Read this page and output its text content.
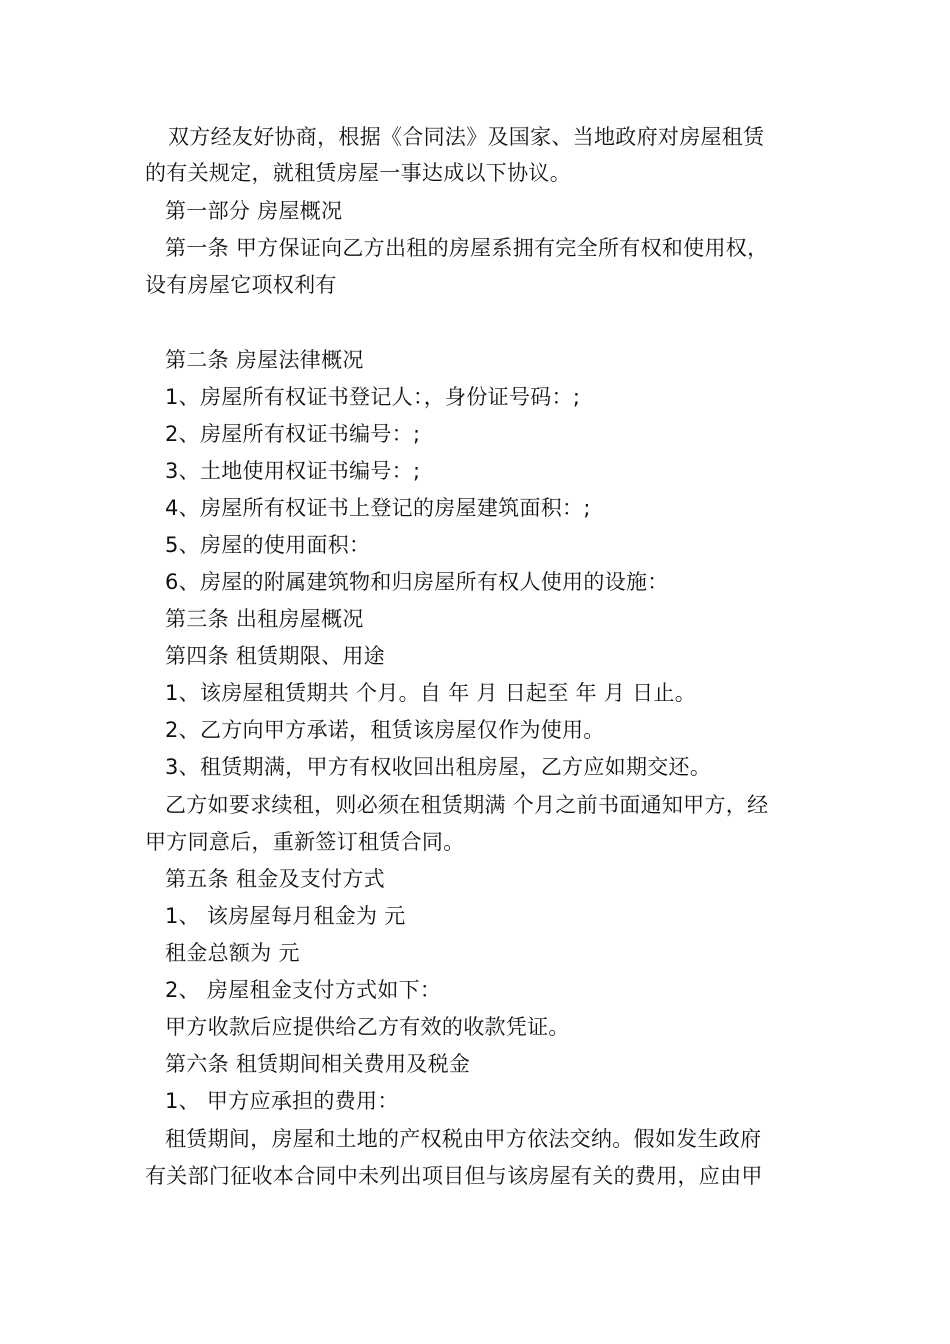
双方经友好协商，根据《合同法》及国家、当地政府对房屋租赁
的有关规定，就租赁房屋一事达成以下协议。
第一部分 房屋概况
第一条 甲方保证向乙方出租的房屋系拥有完全所有权和使用权，
设有房屋它项权利有
第二条 房屋法律概况
1、房屋所有权证书登记人：，身份证号码：;
2、房屋所有权证书编号：;
3、土地使用权证书编号：;
4、房屋所有权证书上登记的房屋建筑面积：;
5、房屋的使用面积：
6、房屋的附属建筑物和归房屋所有权人使用的设施：
第三条 出租房屋概况
第四条 租赁期限、用途
1、该房屋租赁期共 个月。自 年 月 日起至 年 月 日止。
2、乙方向甲方承诺，租赁该房屋仅作为使用。
3、租赁期满，甲方有权收回出租房屋，乙方应如期交还。
乙方如要求续租，则必须在租赁期满 个月之前书面通知甲方，经
甲方同意后，重新签订租赁合同。
第五条 租金及支付方式
1、 该房屋每月租金为 元
租金总额为 元
2、 房屋租金支付方式如下：
甲方收款后应提供给乙方有效的收款凭证。
第六条 租赁期间相关费用及税金
1、 甲方应承担的费用：
租赁期间，房屋和土地的产权税由甲方依法交纳。假如发生政府
有关部门征收本合同中未列出项目但与该房屋有关的费用，应由甲
